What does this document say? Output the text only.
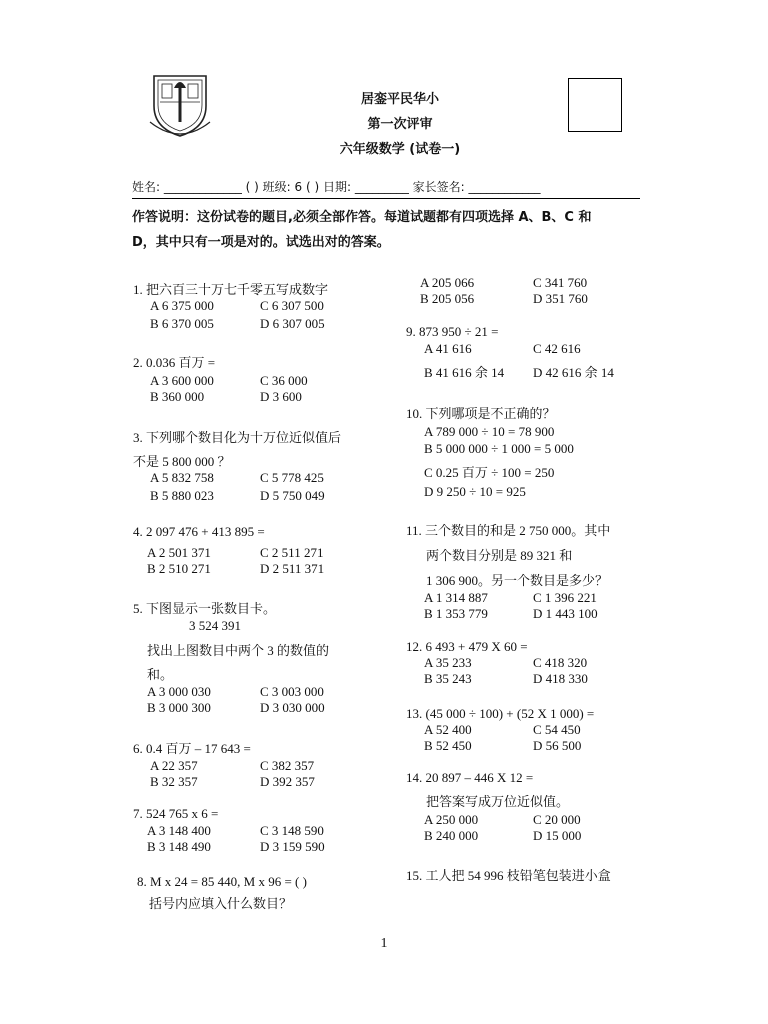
居銮平民华小
第一次评审
六年级数学 (试卷一)
姓名: _____________ ( ) 班级: 6 ( ) 日期: _________ 家长签名: ____________
作答说明：这份试卷的题目,必须全部作答。每道试题都有四项选择 A、B、C 和
D，其中只有一项是对的。试选出对的答案。
1. 把六百三十万七千零五写成数字
A 6 375 000	C 6 307 500
B 6 370 005	D 6 307 005
2. 0.036 百万 =
A 3 600 000	C 36 000
B 360 000	D 3 600
3. 下列哪个数目化为十万位近似值后
不是 5 800 000 ？
A 5 832 758	C 5 778 425
B 5 880 023	D 5 750 049
4. 2 097 476 + 413 895 =
A 2 501 371	C 2 511 271
B 2 510 271	D 2 511 371
5. 下图显示一张数目卡。
3 524 391
找出上图数目中两个 3 的数值的
和。
A 3 000 030	C 3 003 000
B 3 000 300	D 3 030 000
6. 0.4 百万 – 17 643 =
A 22 357	C 382 357
B 32 357	D 392 357
7. 524 765 x 6 =
A 3 148 400	C 3 148 590
B 3 148 490	D 3 159 590
8. M x 24 = 85 440, M x 96 = ( )
括号内应填入什么数目？
A 205 066	C 341 760
B 205 056	D 351 760
9. 873 950 ÷ 21 =
A 41 616	C 42 616
B 41 616 余 14 D 42 616 余 14
10. 下列哪项是不正确的？
A 789 000 ÷ 10 = 78 900
B 5 000 000 ÷ 1 000 = 5 000
C 0.25 百万 ÷ 100 = 250
D 9 250 ÷ 10 = 925
11. 三个数目的和是 2 750 000。其中
两个数目分别是 89 321 和
1 306 900。另一个数目是多少？
A 1 314 887	C 1 396 221
B 1 353 779	D 1 443 100
12. 6 493 + 479 X 60 =
A 35 233	C 418 320
B 35 243	D 418 330
13. (45 000 ÷ 100) + (52 X 1 000) =
A 52 400	C 54 450
B 52 450	D 56 500
14. 20 897 – 446 X 12 =
把答案写成万位近似值。
A 250 000	C 20 000
B 240 000	D 15 000
15. 工人把 54 996 枝铅笔包装进小盒
1
